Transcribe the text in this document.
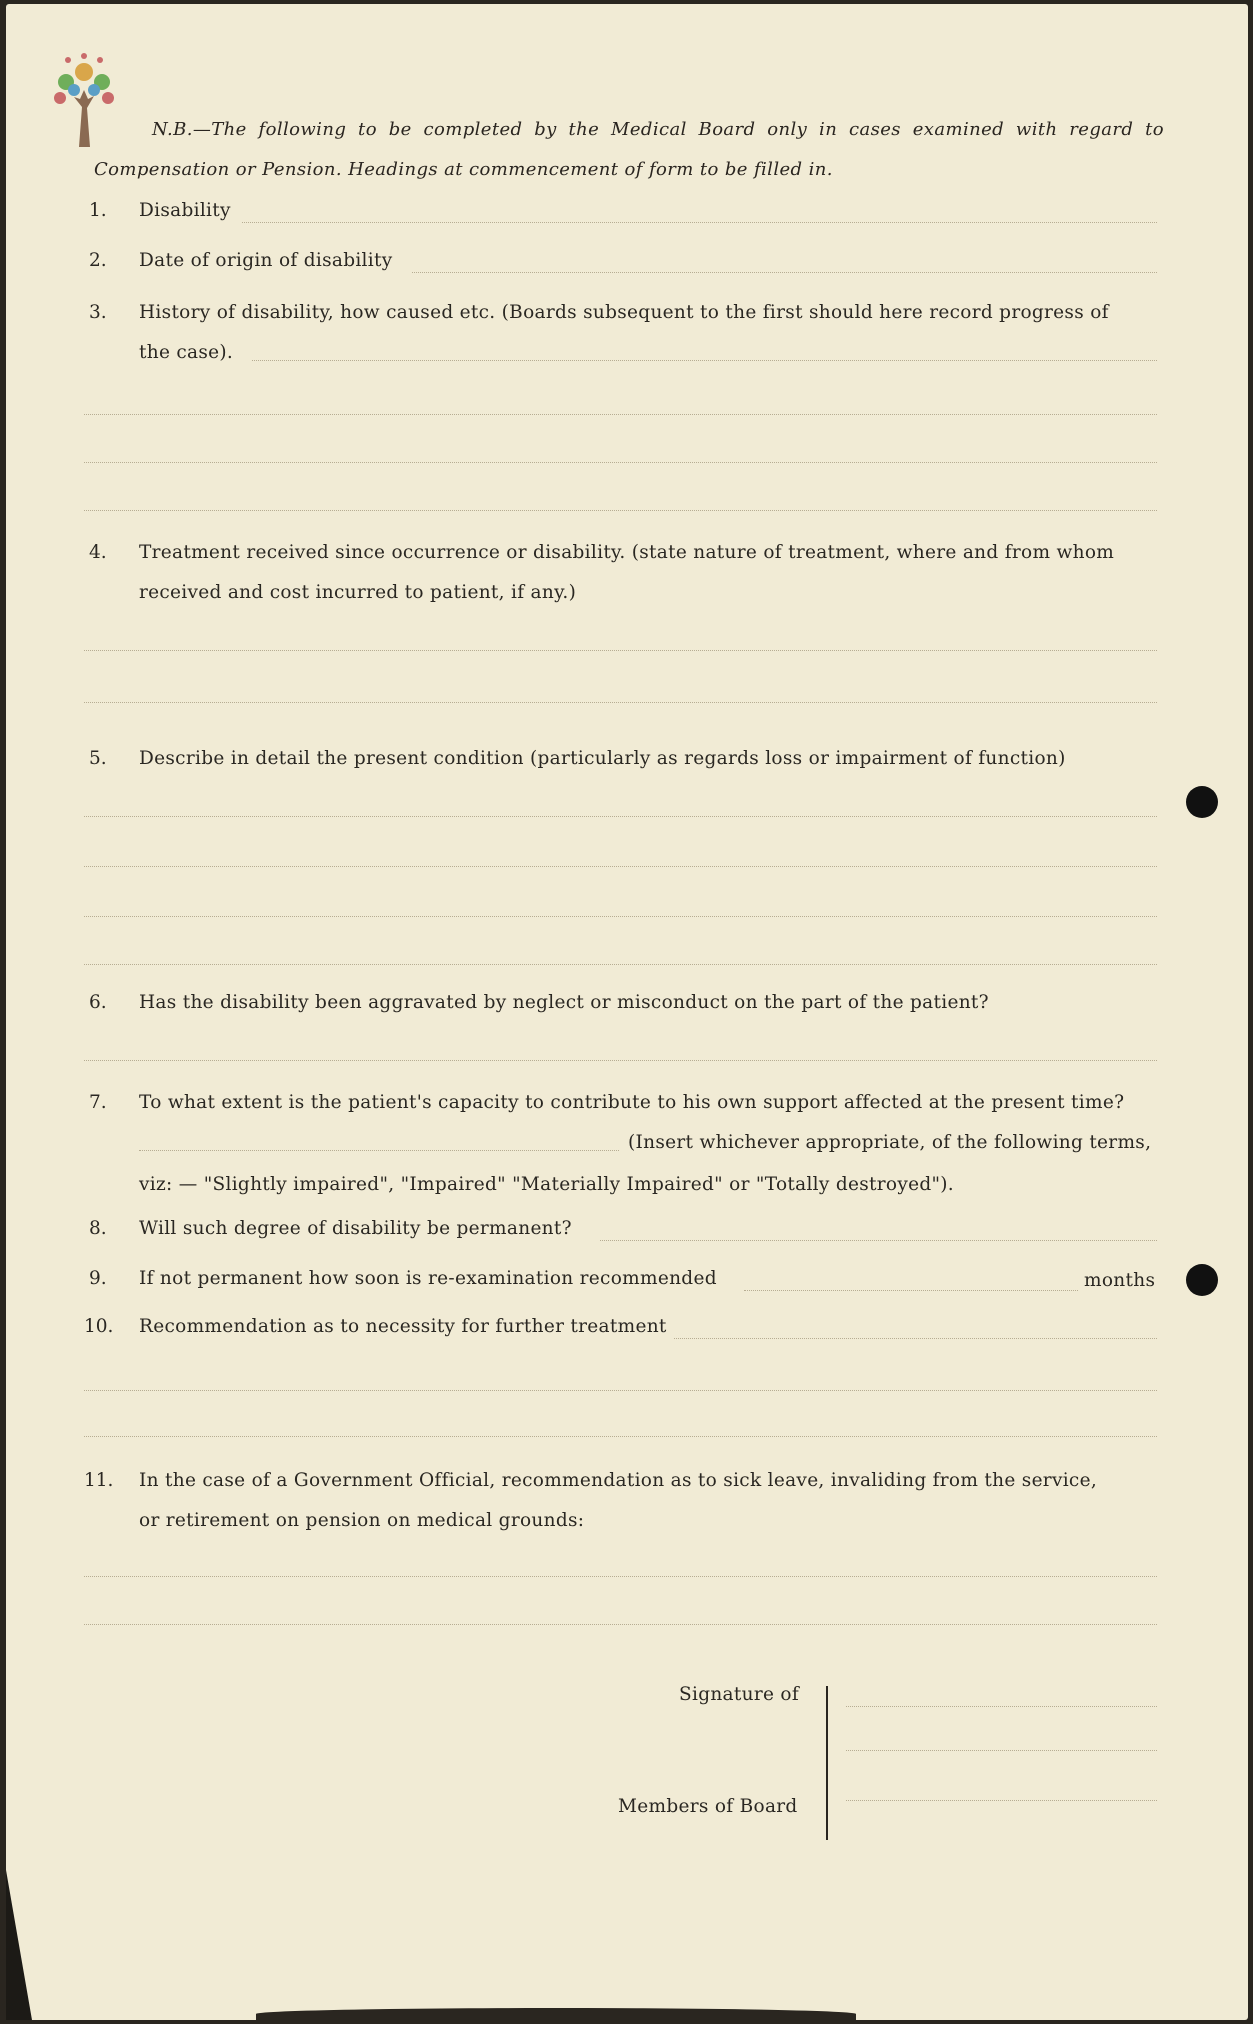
N.B.—The following to be completed by the Medical Board only in cases examined with regard to
Compensation or Pension. Headings at commencement of form to be filled in.
1. Disability
2. Date of origin of disability
3. History of disability, how caused etc. (Boards subsequent to the first should here record progress of
the case).
4. Treatment received since occurrence or disability. (state nature of treatment, where and from whom
received and cost incurred to patient, if any.)
5. Describe in detail the present condition (particularly as regards loss or impairment of function)
6. Has the disability been aggravated by neglect or misconduct on the part of the patient?
7. To what extent is the patient's capacity to contribute to his own support affected at the present time?
(Insert whichever appropriate, of the following terms,
viz: — "Slightly impaired", "Impaired" "Materially Impaired" or "Totally destroyed").
8. Will such degree of disability be permanent?
9. If not permanent how soon is re-examination recommended	months
10. Recommendation as to necessity for further treatment
11. In the case of a Government Official, recommendation as to sick leave, invaliding from the service,
or retirement on pension on medical grounds:
Signature of
Members of Board
